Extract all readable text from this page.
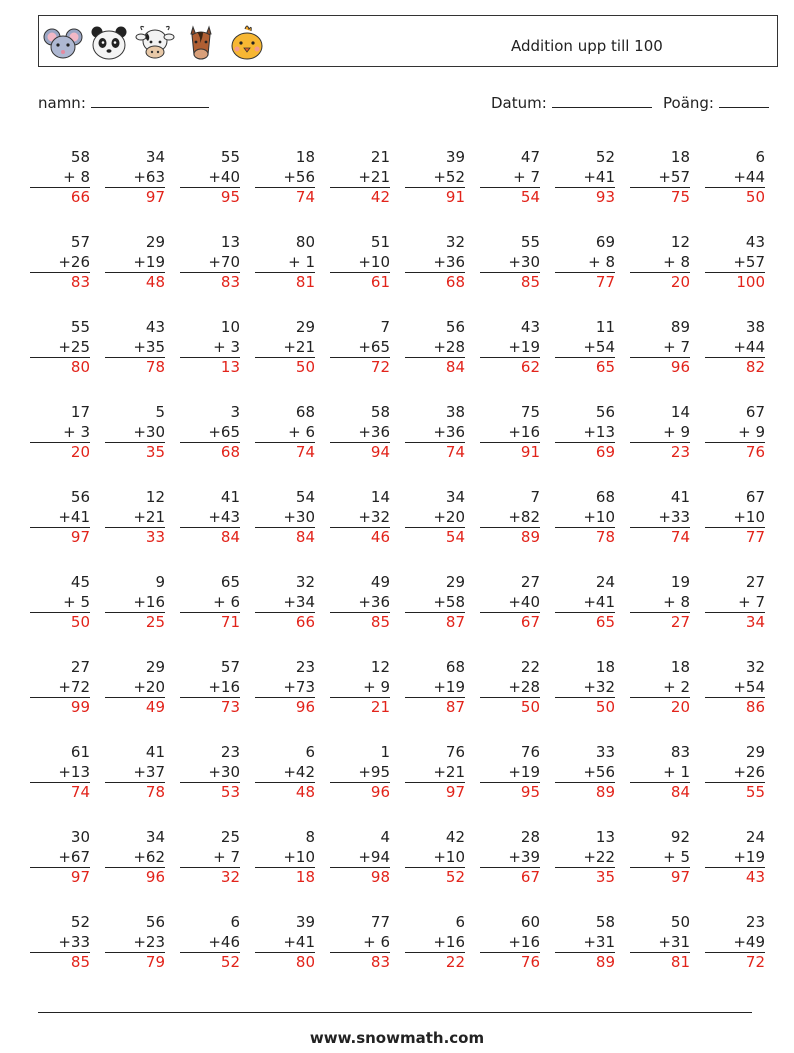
Addition upp till 100
namn:	Datum:	Poäng:
58
+ 8
66
34
+63
97
55
+40
95
18
+56
74
21
+21
42
39
+52
91
47
+ 7
54
52
+41
93
18
+57
75
6
+44
50
57
+26
83
29
+19
48
13
+70
83
80
+ 1
81
51
+10
61
32
+36
68
55
+30
85
69
+ 8
77
12
+ 8
20
43
+57
100
55
+25
80
43
+35
78
10
+ 3
13
29
+21
50
7
+65
72
56
+28
84
43
+19
62
11
+54
65
89
+ 7
96
38
+44
82
17
+ 3
20
5
+30
35
3
+65
68
68
+ 6
74
58
+36
94
38
+36
74
75
+16
91
56
+13
69
14
+ 9
23
67
+ 9
76
56
+41
97
12
+21
33
41
+43
84
54
+30
84
14
+32
46
34
+20
54
7
+82
89
68
+10
78
41
+33
74
67
+10
77
45
+ 5
50
9
+16
25
65
+ 6
71
32
+34
66
49
+36
85
29
+58
87
27
+40
67
24
+41
65
19
+ 8
27
27
+ 7
34
27
+72
99
29
+20
49
57
+16
73
23
+73
96
12
+ 9
21
68
+19
87
22
+28
50
18
+32
50
18
+ 2
20
32
+54
86
61
+13
74
41
+37
78
23
+30
53
6
+42
48
1
+95
96
76
+21
97
76
+19
95
33
+56
89
83
+ 1
84
29
+26
55
30
+67
97
34
+62
96
25
+ 7
32
8
+10
18
4
+94
98
42
+10
52
28
+39
67
13
+22
35
92
+ 5
97
24
+19
43
52
+33
85
56
+23
79
6
+46
52
39
+41
80
77
+ 6
83
6
+16
22
60
+16
76
58
+31
89
50
+31
81
23
+49
72
www.snowmath.com
